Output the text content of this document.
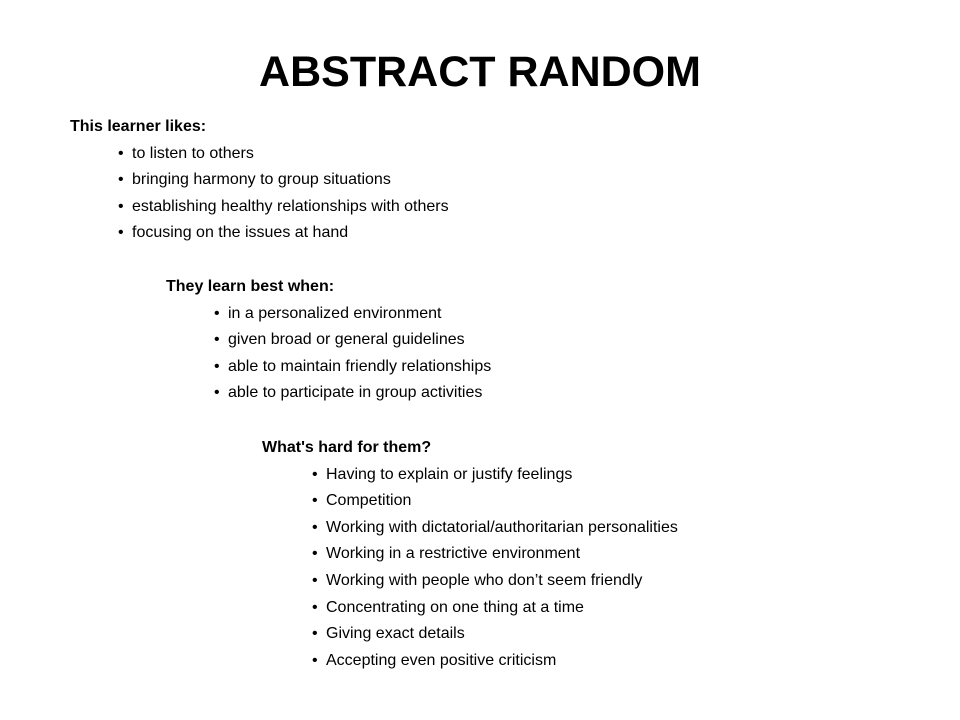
ABSTRACT RANDOM
This learner likes:
• to listen to others
• bringing harmony to group situations
• establishing healthy relationships with others
• focusing on the issues at hand
They learn best when:
• in a personalized environment
• given broad or general guidelines
• able to maintain friendly relationships
• able to participate in group activities
What's hard for them?
• Having to explain or justify feelings
• Competition
• Working with dictatorial/authoritarian personalities
• Working in a restrictive environment
• Working with people who don’t seem friendly
• Concentrating on one thing at a time
• Giving exact details
• Accepting even positive criticism
